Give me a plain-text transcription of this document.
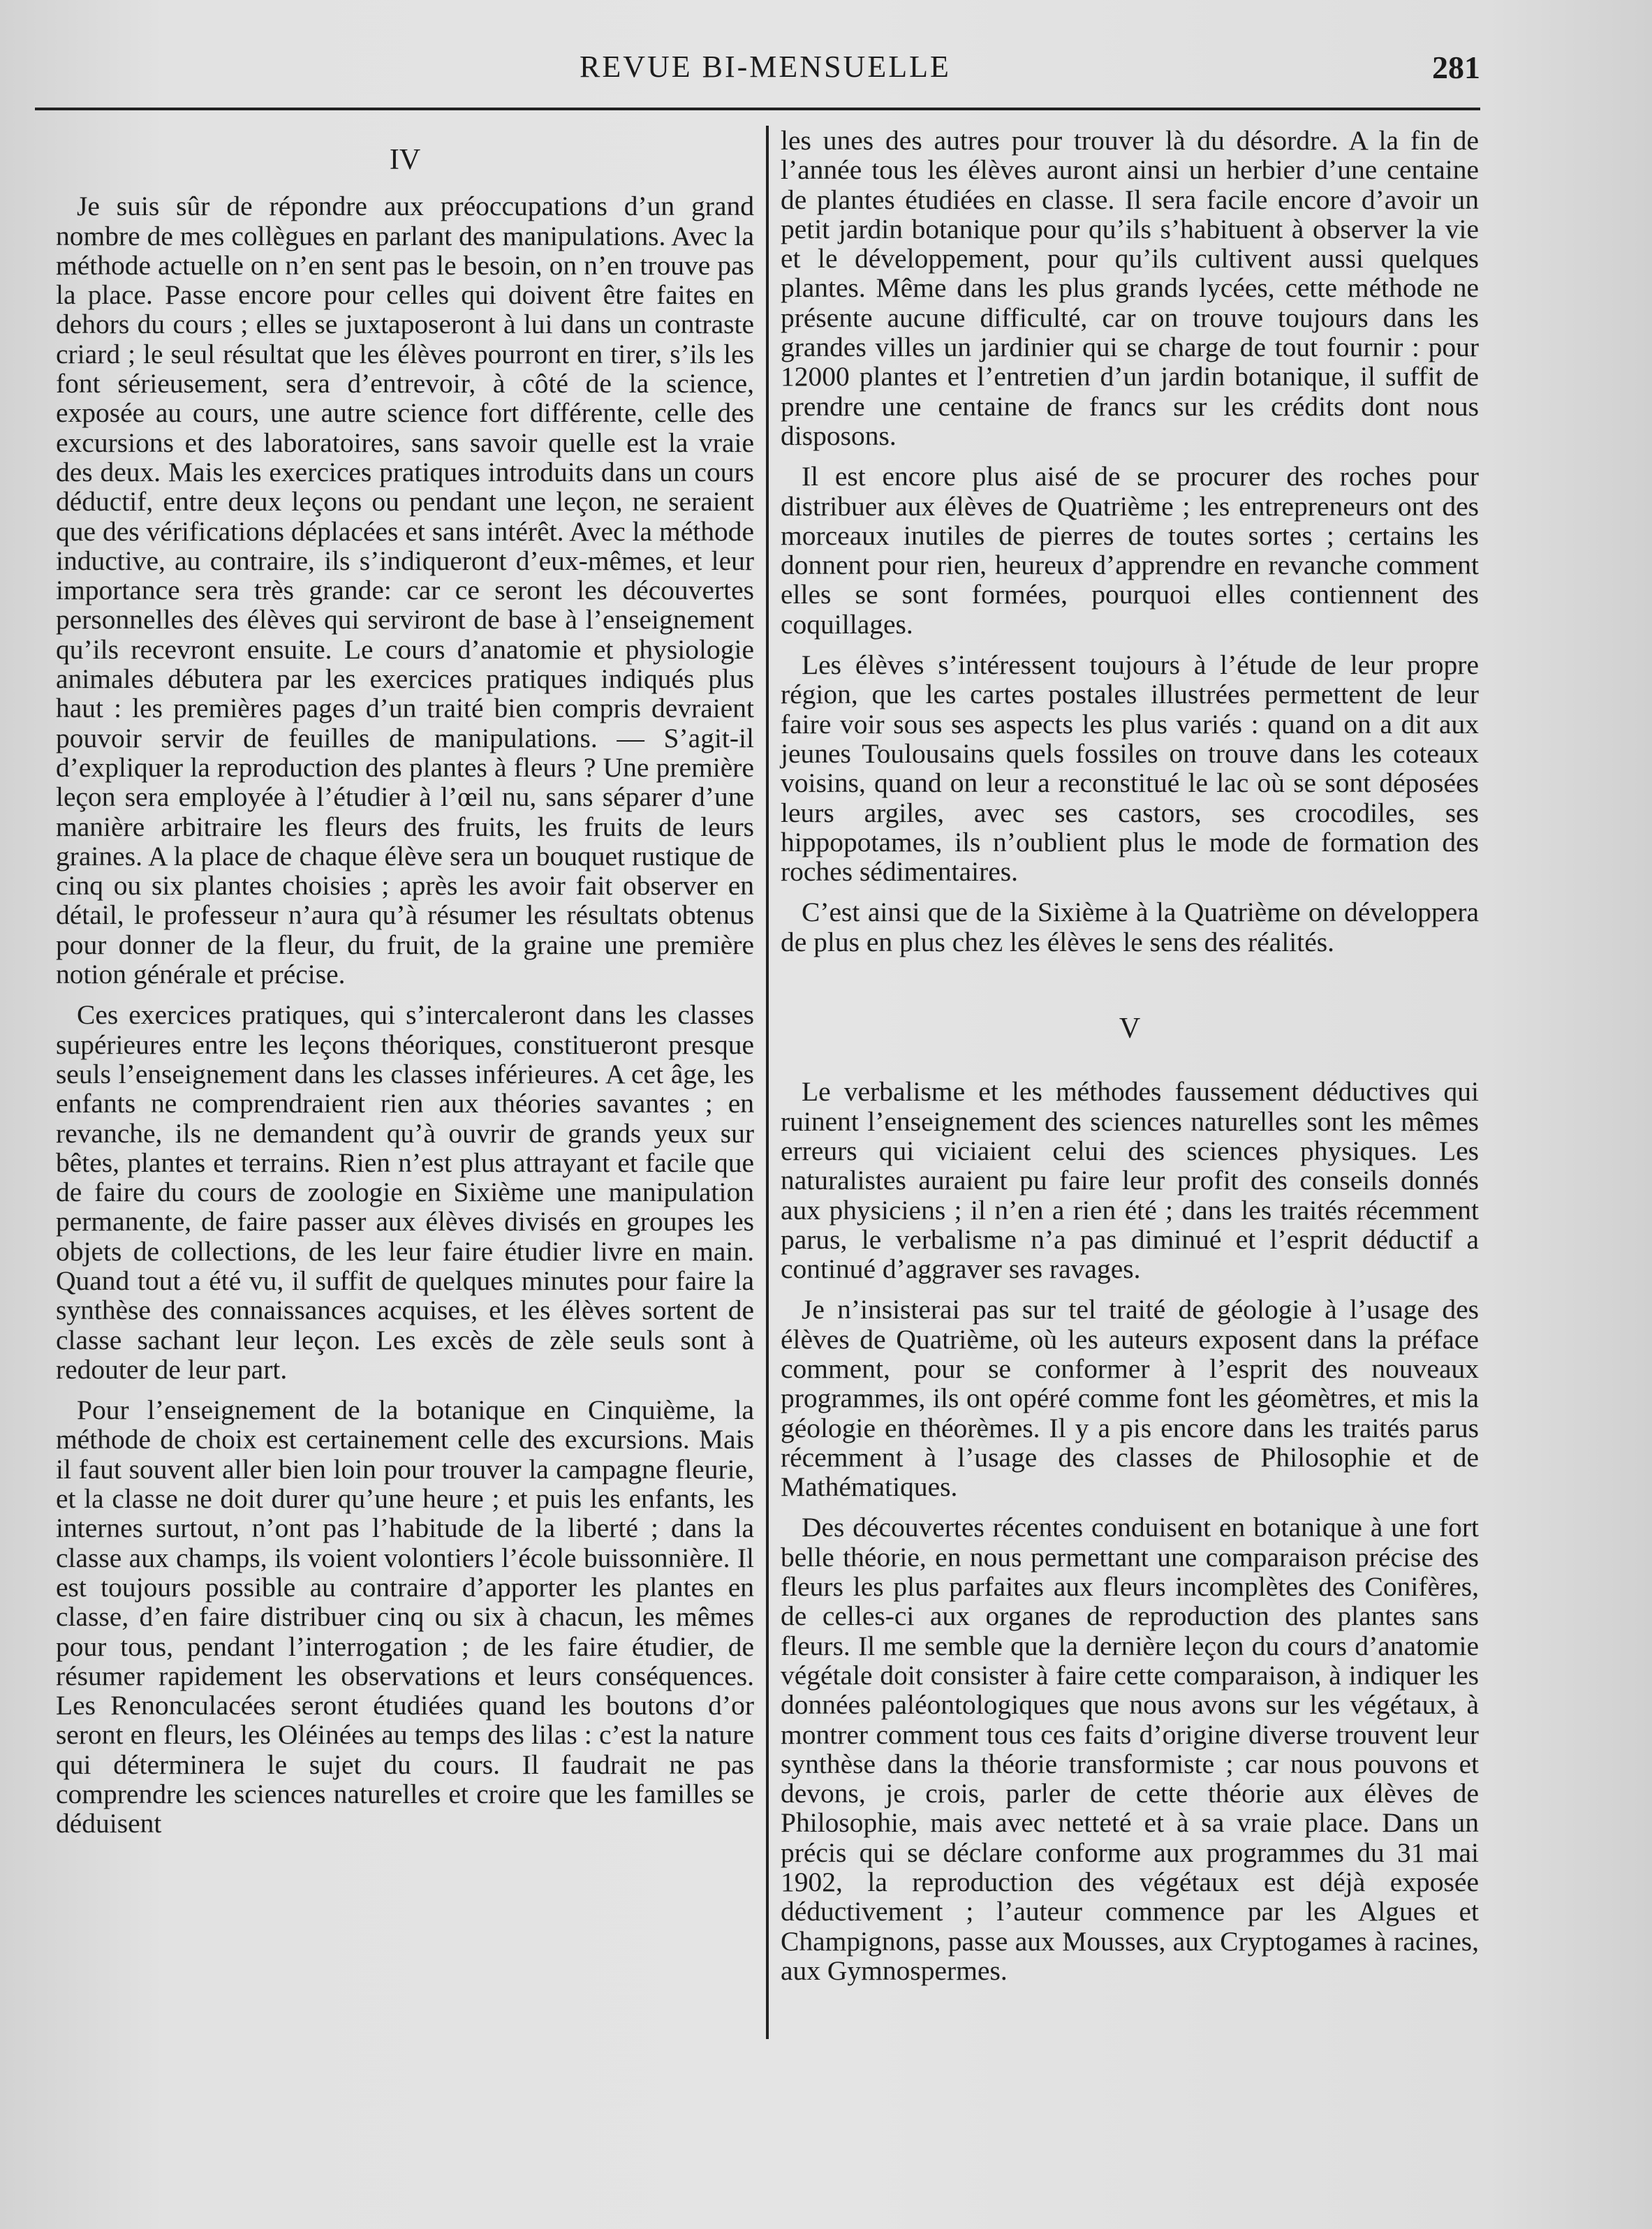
REVUE BI-MENSUELLE	281
IV

Je suis sûr de répondre aux préoccupations d’un grand nombre de mes collègues en parlant des manipulations. Avec la méthode actuelle on n’en sent pas le besoin, on n’en trouve pas la place. Passe encore pour celles qui doivent être faites en dehors du cours ; elles se juxtaposeront à lui dans un contraste criard ; le seul résultat que les élèves pourront en tirer, s’ils les font sérieusement, sera d’entrevoir, à côté de la science, exposée au cours, une autre science fort différente, celle des excursions et des laboratoires, sans savoir quelle est la vraie des deux. Mais les exercices pratiques introduits dans un cours déductif, entre deux leçons ou pendant une leçon, ne seraient que des vérifications déplacées et sans intérêt. Avec la méthode inductive, au contraire, ils s’indiqueront d’eux-mêmes, et leur importance sera très grande: car ce seront les découvertes personnelles des élèves qui serviront de base à l’enseignement qu’ils recevront ensuite. Le cours d’anatomie et physiologie animales débutera par les exercices pratiques indiqués plus haut : les premières pages d’un traité bien compris devraient pouvoir servir de feuilles de manipulations. — S’agit-il d’expliquer la reproduction des plantes à fleurs ? Une première leçon sera employée à l’étudier à l’œil nu, sans séparer d’une manière arbitraire les fleurs des fruits, les fruits de leurs graines. A la place de chaque élève sera un bouquet rustique de cinq ou six plantes choisies ; après les avoir fait observer en détail, le professeur n’aura qu’à résumer les résultats obtenus pour donner de la fleur, du fruit, de la graine une première notion générale et précise.

Ces exercices pratiques, qui s’intercaleront dans les classes supérieures entre les leçons théoriques, constitueront presque seuls l’enseignement dans les classes inférieures. A cet âge, les enfants ne comprendraient rien aux théories savantes ; en revanche, ils ne demandent qu’à ouvrir de grands yeux sur bêtes, plantes et terrains. Rien n’est plus attrayant et facile que de faire du cours de zoologie en Sixième une manipulation permanente, de faire passer aux élèves divisés en groupes les objets de collections, de les leur faire étudier livre en main. Quand tout a été vu, il suffit de quelques minutes pour faire la synthèse des connaissances acquises, et les élèves sortent de classe sachant leur leçon. Les excès de zèle seuls sont à redouter de leur part.

Pour l’enseignement de la botanique en Cinquième, la méthode de choix est certainement celle des excursions. Mais il faut souvent aller bien loin pour trouver la campagne fleurie, et la classe ne doit durer qu’une heure ; et puis les enfants, les internes surtout, n’ont pas l’habitude de la liberté ; dans la classe aux champs, ils voient volontiers l’école buissonnière. Il est toujours possible au contraire d’apporter les plantes en classe, d’en faire distribuer cinq ou six à chacun, les mêmes pour tous, pendant l’interrogation ; de les faire étudier, de résumer rapidement les observations et leurs conséquences. Les Renonculacées seront étudiées quand les boutons d’or seront en fleurs, les Oléinées au temps des lilas : c’est la nature qui déterminera le sujet du cours. Il faudrait ne pas comprendre les sciences naturelles et croire que les familles se déduisent

les unes des autres pour trouver là du désordre. A la fin de l’année tous les élèves auront ainsi un herbier d’une centaine de plantes étudiées en classe. Il sera facile encore d’avoir un petit jardin botanique pour qu’ils s’habituent à observer la vie et le développement, pour qu’ils cultivent aussi quelques plantes. Même dans les plus grands lycées, cette méthode ne présente aucune difficulté, car on trouve toujours dans les grandes villes un jardinier qui se charge de tout fournir : pour 12000 plantes et l’entretien d’un jardin botanique, il suffit de prendre une centaine de francs sur les crédits dont nous disposons.

Il est encore plus aisé de se procurer des roches pour distribuer aux élèves de Quatrième ; les entrepreneurs ont des morceaux inutiles de pierres de toutes sortes ; certains les donnent pour rien, heureux d’apprendre en revanche comment elles se sont formées, pourquoi elles contiennent des coquillages.

Les élèves s’intéressent toujours à l’étude de leur propre région, que les cartes postales illustrées permettent de leur faire voir sous ses aspects les plus variés : quand on a dit aux jeunes Toulousains quels fossiles on trouve dans les coteaux voisins, quand on leur a reconstitué le lac où se sont déposées leurs argiles, avec ses castors, ses crocodiles, ses hippopotames, ils n’oublient plus le mode de formation des roches sédimentaires.

C’est ainsi que de la Sixième à la Quatrième on développera de plus en plus chez les élèves le sens des réalités.

V

Le verbalisme et les méthodes faussement déductives qui ruinent l’enseignement des sciences naturelles sont les mêmes erreurs qui viciaient celui des sciences physiques. Les naturalistes auraient pu faire leur profit des conseils donnés aux physiciens ; il n’en a rien été ; dans les traités récemment parus, le verbalisme n’a pas diminué et l’esprit déductif a continué d’aggraver ses ravages.

Je n’insisterai pas sur tel traité de géologie à l’usage des élèves de Quatrième, où les auteurs exposent dans la préface comment, pour se conformer à l’esprit des nouveaux programmes, ils ont opéré comme font les géomètres, et mis la géologie en théorèmes. Il y a pis encore dans les traités parus récemment à l’usage des classes de Philosophie et de Mathématiques.

Des découvertes récentes conduisent en botanique à une fort belle théorie, en nous permettant une comparaison précise des fleurs les plus parfaites aux fleurs incomplètes des Conifères, de celles-ci aux organes de reproduction des plantes sans fleurs. Il me semble que la dernière leçon du cours d’anatomie végétale doit consister à faire cette comparaison, à indiquer les données paléontologiques que nous avons sur les végétaux, à montrer comment tous ces faits d’origine diverse trouvent leur synthèse dans la théorie transformiste ; car nous pouvons et devons, je crois, parler de cette théorie aux élèves de Philosophie, mais avec netteté et à sa vraie place. Dans un précis qui se déclare conforme aux programmes du 31 mai 1902, la reproduction des végétaux est déjà exposée déductivement ; l’auteur commence par les Algues et Champignons, passe aux Mousses, aux Cryptogames à racines, aux Gymnospermes.
